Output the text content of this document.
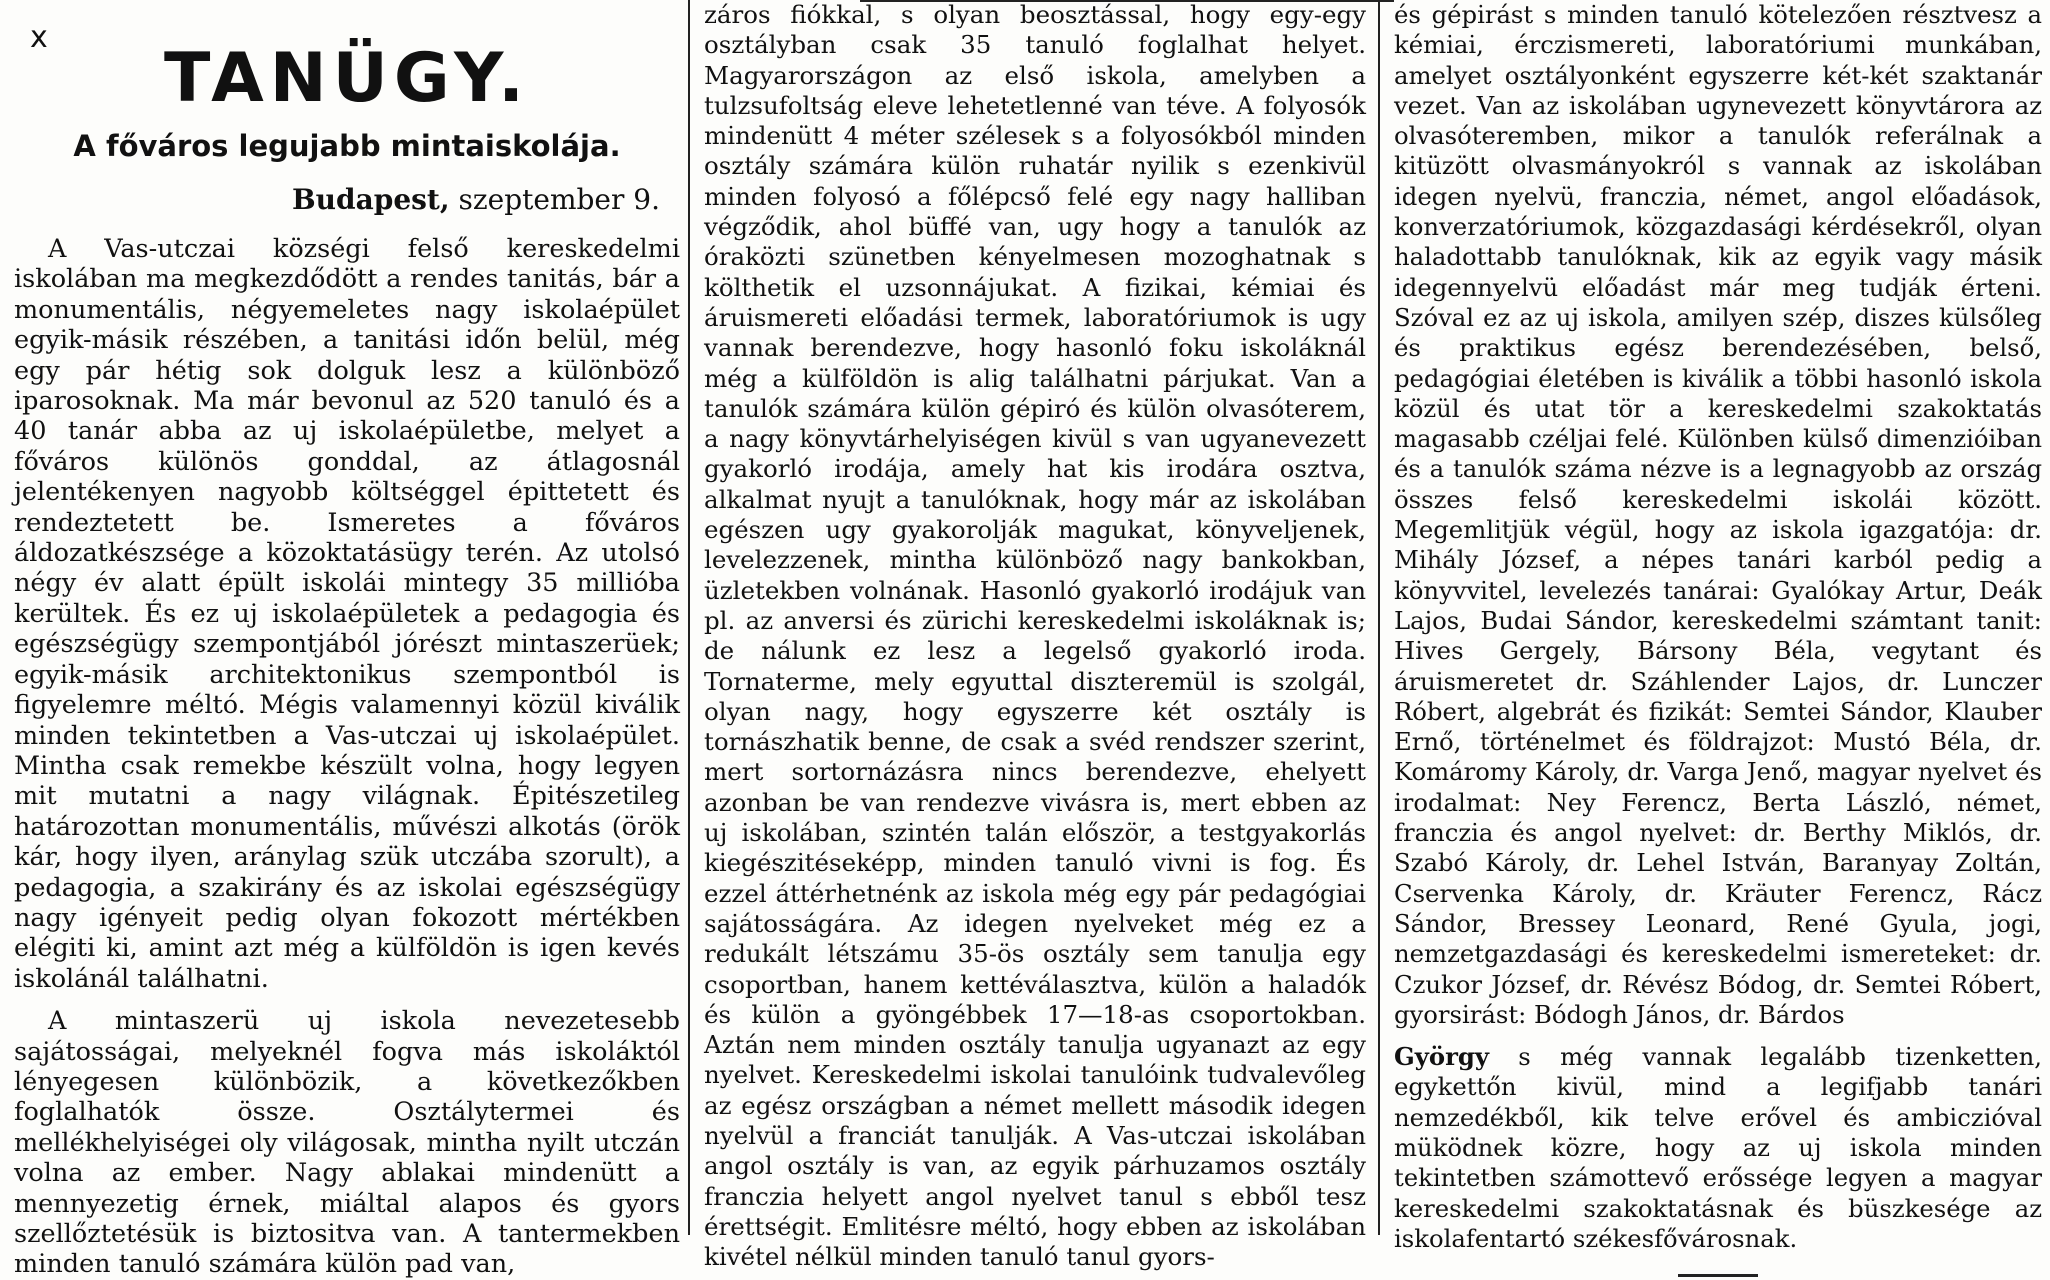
x
TANÜGY.
A főváros legujabb mintaiskolája.
Budapest, szeptember 9.

A Vas-utczai községi felső kereskedelmi iskolában ma megkezdődött a rendes tanitás, bár a monumentális, négyemeletes nagy iskolaépület egyik-másik részében, a tanitási időn belül, még egy pár hétig sok dolguk lesz a különböző iparosoknak. Ma már bevonul az 520 tanuló és a 40 tanár abba az uj iskolaépületbe, melyet a főváros különös gonddal, az átlagosnál jelentékenyen nagyobb költséggel épittetett és rendeztetett be. Ismeretes a főváros áldozatkészsége a közoktatásügy terén. Az utolsó négy év alatt épült iskolái mintegy 35 millióba kerültek. És ez uj iskolaépületek a pedagogia és egészségügy szempontjából jórészt mintaszerüek; egyik-másik architektonikus szempontból is figyelemre méltó. Mégis valamennyi közül kiválik minden tekintetben a Vas-utczai uj iskolaépület. Mintha csak remekbe készült volna, hogy legyen mit mutatni a nagy világnak. Épitészetileg határozottan monumentális, művészi alkotás (örök kár, hogy ilyen, aránylag szük utczába szorult), a pedagogia, a szakirány és az iskolai egészségügy nagy igényeit pedig olyan fokozott mértékben elégiti ki, amint azt még a külföldön is igen kevés iskolánál találhatni.

A mintaszerü uj iskola nevezetesebb sajátosságai, melyeknél fogva más iskoláktól lényegesen különbözik, a következőkben foglalhatók össze. Osztálytermei és mellékhelyiségei oly világosak, mintha nyilt utczán volna az ember. Nagy ablakai mindenütt a mennyezetig érnek, miáltal alapos és gyors szellőztetésük is biztositva van. A tantermekben minden tanuló számára külön pad van,

záros fiókkal, s olyan beosztással, hogy egy-egy osztályban csak 35 tanuló foglalhat helyet. Magyarországon az első iskola, amelyben a tulzsufoltság eleve lehetetlenné van téve. A folyosók mindenütt 4 méter szélesek s a folyosókból minden osztály számára külön ruhatár nyilik s ezenkivül minden folyosó a főlépcső felé egy nagy halliban végződik, ahol büffé van, ugy hogy a tanulók az óraközti szünetben kényelmesen mozoghatnak s költhetik el uzsonnájukat. A fizikai, kémiai és áruismereti előadási termek, laboratóriumok is ugy vannak berendezve, hogy hasonló foku iskoláknál még a külföldön is alig találhatni párjukat. Van a tanulók számára külön gépiró és külön olvasóterem, a nagy könyvtárhelyiségen kivül s van ugyanevezett gyakorló irodája, amely hat kis irodára osztva, alkalmat nyujt a tanulóknak, hogy már az iskolában egészen ugy gyakorolják magukat, könyveljenek, levelezzenek, mintha különböző nagy bankokban, üzletekben volnának. Hasonló gyakorló irodájuk van pl. az anversi és zürichi kereskedelmi iskoláknak is; de nálunk ez lesz a legelső gyakorló iroda. Tornaterme, mely egyuttal diszteremül is szolgál, olyan nagy, hogy egyszerre két osztály is tornászhatik benne, de csak a svéd rendszer szerint, mert sortornázásra nincs berendezve, ehelyett azonban be van rendezve vivásra is, mert ebben az uj iskolában, szintén talán először, a testgyakorlás kiegészitéseképp, minden tanuló vivni is fog. És ezzel áttérhetnénk az iskola még egy pár pedagógiai sajátosságára. Az idegen nyelveket még ez a redukált létszámu 35-ös osztály sem tanulja egy csoportban, hanem kettéválasztva, külön a haladók és külön a gyöngébbek 17—18-as csoportokban. Aztán nem minden osztály tanulja ugyanazt az egy nyelvet. Kereskedelmi iskolai tanulóink tudvalevőleg az egész országban a német mellett második idegen nyelvül a franciát tanulják. A Vas-utczai iskolában angol osztály is van, az egyik párhuzamos osztály franczia helyett angol nyelvet tanul s ebből tesz érettségit. Emlitésre méltó, hogy ebben az iskolában kivétel nélkül minden tanuló tanul gyors-

és gépirást s minden tanuló kötelezően résztvesz a kémiai, érczismereti, laboratóriumi munkában, amelyet osztályonként egyszerre két-két szaktanár vezet. Van az iskolában ugynevezett könyvtárora az olvasóteremben, mikor a tanulók referálnak a kitüzött olvasmányokról s vannak az iskolában idegen nyelvü, franczia, német, angol előadások, konverzatóriumok, közgazdasági kérdésekről, olyan haladottabb tanulóknak, kik az egyik vagy másik idegennyelvü előadást már meg tudják érteni. Szóval ez az uj iskola, amilyen szép, diszes külsőleg és praktikus egész berendezésében, belső, pedagógiai életében is kiválik a többi hasonló iskola közül és utat tör a kereskedelmi szakoktatás magasabb czéljai felé. Különben külső dimenzióiban és a tanulók száma nézve is a legnagyobb az ország összes felső kereskedelmi iskolái között. Megemlitjük végül, hogy az iskola igazgatója: dr. Mihály József, a népes tanári karból pedig a könyvvitel, levelezés tanárai: Gyalókay Artur, Deák Lajos, Budai Sándor, kereskedelmi számtant tanit: Hives Gergely, Bársony Béla, vegytant és áruismeretet dr. Száhlender Lajos, dr. Lunczer Róbert, algebrát és fizikát: Semtei Sándor, Klauber Ernő, történelmet és földrajzot: Mustó Béla, dr. Komáromy Károly, dr. Varga Jenő, magyar nyelvet és irodalmat: Ney Ferencz, Berta László, német, franczia és angol nyelvet: dr. Berthy Miklós, dr. Szabó Károly, dr. Lehel István, Baranyay Zoltán, Cservenka Károly, dr. Kräuter Ferencz, Rácz Sándor, Bressey Leonard, René Gyula, jogi, nemzetgazdasági és kereskedelmi ismereteket: dr. Czukor József, dr. Révész Bódog, dr. Semtei Róbert, gyorsirást: Bódogh János, dr. Bárdos

György s még vannak legalább tizenketten, egykettőn kivül, mind a legifjabb tanári nemzedékből, kik telve erővel és ambiczióval müködnek közre, hogy az uj iskola minden tekintetben számottevő erőssége legyen a magyar kereskedelmi szakoktatásnak és büszkesége az iskolafentartó székesfővárosnak.
